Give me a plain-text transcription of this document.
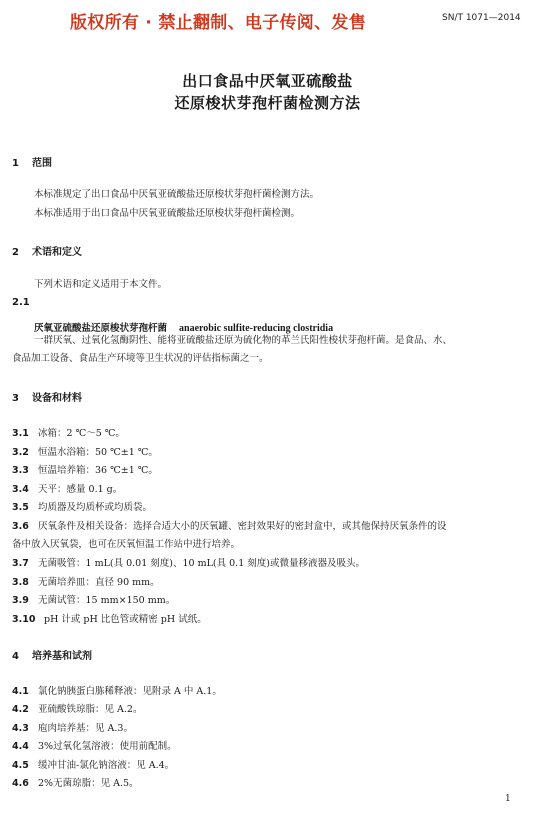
版权所有 · 禁止翻制、电子传阅、发售	SN/T 1071—2014
出口食品中厌氧亚硫酸盐
还原梭状芽孢杆菌检测方法
1 范围
本标准规定了出口食品中厌氧亚硫酸盐还原梭状芽孢杆菌检测方法。
本标准适用于出口食品中厌氧亚硫酸盐还原梭状芽孢杆菌检测。
2 术语和定义
下列术语和定义适用于本文件。
2.1
厌氧亚硫酸盐还原梭状芽孢杆菌 anaerobic sulfite-reducing clostridia
一群厌氧、过氧化氢酶阴性、能将亚硫酸盐还原为硫化物的革兰氏阳性梭状芽孢杆菌。是食品、水、
食品加工设备、食品生产环境等卫生状况的评估指标菌之一。
3 设备和材料
3.1 冰箱：2 ℃～5 ℃。
3.2 恒温水浴箱：50 ℃±1 ℃。
3.3 恒温培养箱：36 ℃±1 ℃。
3.4 天平：感量 0.1 g。
3.5 均质器及均质杯或均质袋。
3.6 厌氧条件及相关设备：选择合适大小的厌氧罐、密封效果好的密封盒中，或其他保持厌氧条件的设
备中放入厌氧袋，也可在厌氧恒温工作站中进行培养。
3.7 无菌吸管：1 mL(具 0.01 刻度)、10 mL(具 0.1 刻度)或微量移液器及吸头。
3.8 无菌培养皿：直径 90 mm。
3.9 无菌试管：15 mm×150 mm。
3.10 pH 计或 pH 比色管或精密 pH 试纸。
4 培养基和试剂
4.1 氯化钠胰蛋白胨稀释液：见附录 A 中 A.1。
4.2 亚硫酸铁琼脂：见 A.2。
4.3 庖肉培养基：见 A.3。
4.4 3%过氧化氢溶液：使用前配制。
4.5 缓冲甘油-氯化钠溶液：见 A.4。
4.6 2%无菌琼脂：见 A.5。
1
